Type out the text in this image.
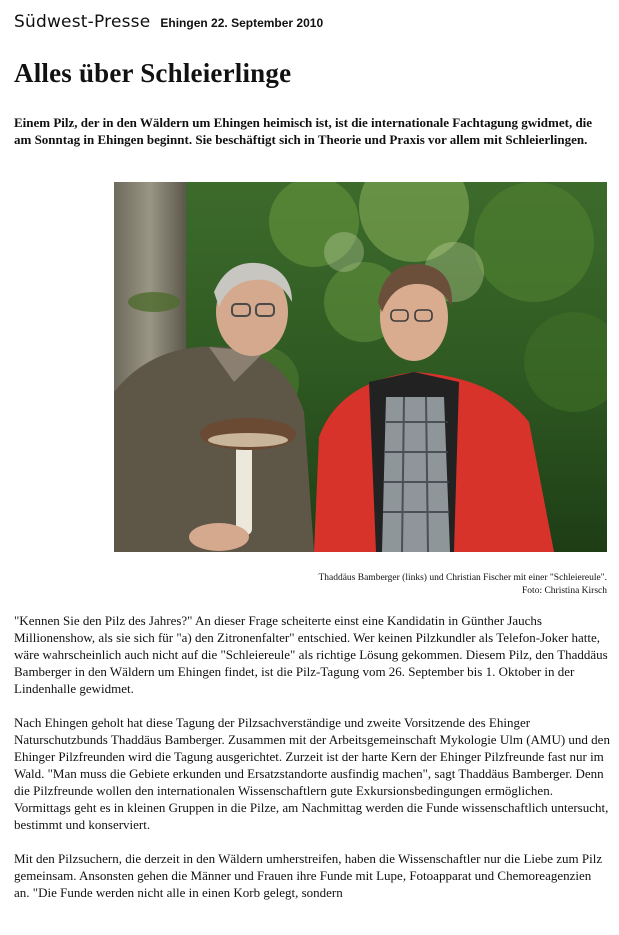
Südwest-Presse Ehingen 22. September 2010
Alles über Schleierlinge

Einem Pilz, der in den Wäldern um Ehingen heimisch ist, ist die internationale Fachtagung gwidmet, die am Sonntag in Ehingen beginnt. Sie beschäftigt sich in Theorie und Praxis vor allem mit Schleierlingen.

Thaddäus Bamberger (links) und Christian Fischer mit einer "Schleiereule".
Foto: Christina Kirsch

"Kennen Sie den Pilz des Jahres?" An dieser Frage scheiterte einst eine Kandidatin in Günther Jauchs Millionenshow, als sie sich für "a) den Zitronenfalter" entschied. Wer keinen Pilzkundler als Telefon-Joker hatte, wäre wahrscheinlich auch nicht auf die "Schleiereule" als richtige Lösung gekommen. Diesem Pilz, den Thaddäus Bamberger in den Wäldern um Ehingen findet, ist die Pilz-Tagung vom 26. September bis 1. Oktober in der Lindenhalle gewidmet.

Nach Ehingen geholt hat diese Tagung der Pilzsachverständige und zweite Vorsitzende des Ehinger Naturschutzbunds Thaddäus Bamberger. Zusammen mit der Arbeitsgemeinschaft Mykologie Ulm (AMU) und den Ehinger Pilzfreunden wird die Tagung ausgerichtet. Zurzeit ist der harte Kern der Ehinger Pilzfreunde fast nur im Wald. "Man muss die Gebiete erkunden und Ersatzstandorte ausfindig machen", sagt Thaddäus Bamberger. Denn die Pilzfreunde wollen den internationalen Wissenschaftlern gute Exkursionsbedingungen ermöglichen. Vormittags geht es in kleinen Gruppen in die Pilze, am Nachmittag werden die Funde wissenschaftlich untersucht, bestimmt und konserviert.

Mit den Pilzsuchern, die derzeit in den Wäldern umherstreifen, haben die Wissenschaftler nur die Liebe zum Pilz gemeinsam. Ansonsten gehen die Männer und Frauen ihre Funde mit Lupe, Fotoapparat und Chemoreagenzien an. "Die Funde werden nicht alle in einen Korb gelegt, sondern
